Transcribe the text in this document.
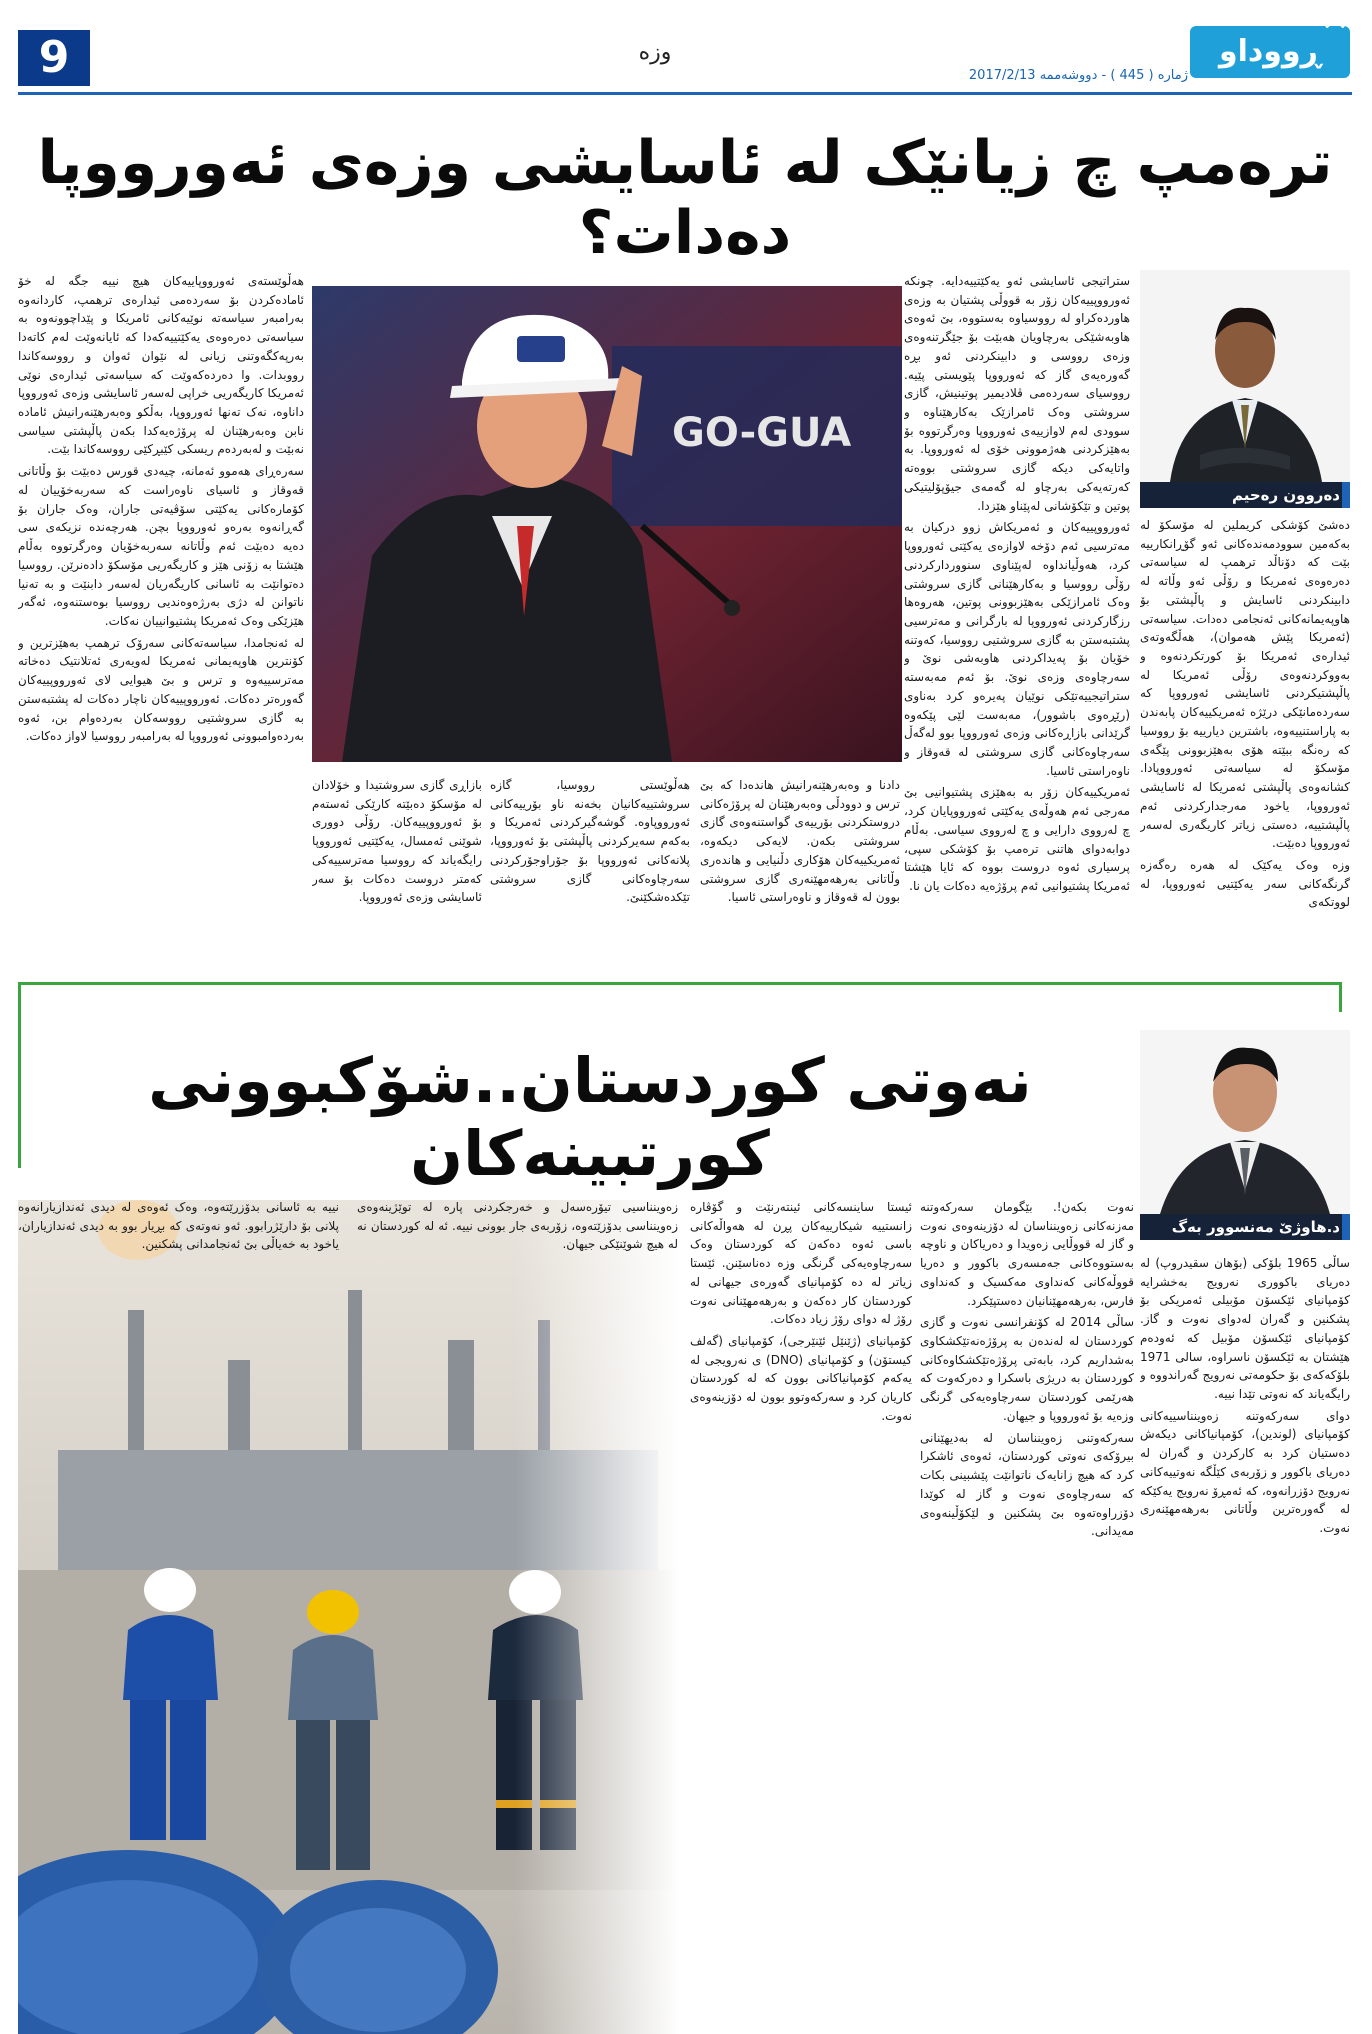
9	وزه	ڕووداو
ژماره ( 445 ) - دووشه‌ممه 2017/2/13
تره‌مپ چ زیانێک له‌ ئاسایشی وزه‌ی ئه‌ورووپا ده‌دات؟
ده‌روون ره‌حیم
GO-GUA

ستراتیجی ئاسایشی ئه‌و یه‌کێتییه‌دایه‌. چونکه‌ ئه‌ورووپییه‌کان زۆر به‌ قووڵی پشتیان به‌ وزه‌ی هاورده‌کراو له‌ رووسیاوه‌ به‌ستووه‌، بێ ئه‌وه‌ی هاوبه‌شێکی به‌رچاویان هه‌بێت بۆ جێگرتنه‌وه‌ی وزه‌ی رووسی و دابینکردنی ئه‌و بڕه‌ گه‌وره‌یه‌ی گاز که‌ ئه‌ورووپا پێویستی پێیه‌. رووسیای سه‌رده‌می ڤلادیمیر پوتینیش، گازی سروشتی وه‌ک ئامرازێک به‌کارهێناوه‌ و سوودی له‌م لاوازییه‌ی ئه‌ورووپا وه‌رگرتووه‌ بۆ به‌هێزکردنی هه‌ژموونی خۆی له‌ ئه‌ورووپا. به‌ واتایه‌کی دیکه‌ گازی سروشتی بووه‌ته‌ که‌رته‌یه‌کی به‌رچاو له‌ گه‌مه‌ی جیۆپۆلیتیکی پوتین و تێکۆشانی له‌پێناو هێزدا.

ئه‌ورووپییه‌کان و ئه‌مریکاش زوو درکیان به‌ مه‌ترسیی ئه‌م دۆخه‌ لاوازه‌ی یه‌کێتی ئه‌ورووپا کرد، هه‌وڵیانداوه‌ له‌پێناوی سنووردارکردنی رۆڵی رووسیا و به‌کارهێنانی گازی سروشتی وه‌ک ئامرازێکی به‌هێزبوونی پوتین، هه‌روه‌ها رزگارکردنی ئه‌ورووپا له‌ بارگرانی و مه‌ترسیی پشتبه‌ستن به‌ گازی سروشتیی رووسیا، که‌وتنه‌ خۆیان بۆ په‌یداکردنی هاوبه‌شی نوێ و سه‌رچاوه‌ی وزه‌ی نوێ. بۆ ئه‌م مه‌به‌سته‌ ستراتیجییه‌تێکی نوێیان په‌یره‌و کرد به‌ناوی (رێڕه‌وی باشوور)، مه‌به‌ست لێی پێکه‌وه‌ گرێدانی بازاڕه‌کانی وزه‌ی ئه‌ورووپا بوو له‌گه‌ڵ سه‌رچاوه‌کانی گازی سروشتی له‌ قه‌وقاز و ناوه‌راستی ئاسیا.

ئه‌مریکییه‌کان زۆر به‌ به‌هێزی پشتیوانیی بێ مه‌رجی ئه‌م هه‌وڵه‌ی یه‌کێتی ئه‌ورووپایان کرد، چ له‌رووی دارایی و چ له‌رووی سیاسی. به‌ڵام دوابه‌دوای هاتنی تره‌مپ بۆ کۆشکی سپی، پرسیاری ئه‌وه‌ دروست بووه‌ که‌ ئایا هێشتا ئه‌مریکا پشتیوانیی ئه‌م پرۆژه‌یه‌ ده‌کات یان نا.

ده‌شێ کۆشکی کریملین له‌ مۆسکۆ له‌ به‌که‌مین سوودمه‌نده‌کانی ئه‌و گۆڕانکارییه‌ بێت که‌ دۆناڵد ترهمپ له‌ سیاسه‌تی ده‌ره‌وه‌ی ئه‌مریکا و رۆڵی ئه‌و وڵاته‌ له‌ دابینکردنی ئاسایش و پاڵپشتی بۆ هاوپه‌یمانه‌کانی ئه‌نجامی ده‌دات. سیاسه‌تی (ئه‌مریکا پێش هه‌موان)، هه‌ڵگه‌وته‌ی ئیداره‌ی ئه‌مریکا بۆ کورتکردنه‌وه‌ و به‌ووکردنه‌وه‌ی رۆڵی ئه‌مریکا له‌ پاڵپشتیکردنی ئاسایشی ئه‌ورووپا که‌ سه‌رده‌مانێکی درێژه‌ ئه‌مریکییه‌کان پابه‌ندن به‌ پاراستنییه‌وه‌، باشترین دیارییه‌ بۆ رووسیا که‌ ره‌نگه‌ ببێته‌ هۆی به‌هێزبوونی پێگه‌ی مۆسکۆ له‌ سیاسه‌تی ئه‌ورووپادا. کشانه‌وه‌ی پاڵپشتی ئه‌مریکا له‌ ئاسایشی ئه‌ورووپا، یاخود مه‌رجدارکردنی ئه‌م پاڵپشتییه‌، ده‌ستی زیاتر کاریگه‌ری له‌سه‌ر ئه‌ورووپا ده‌بێت.

وزه‌ وه‌ک یه‌کێک له‌ هه‌ره‌ ره‌گه‌زه‌ گرنگه‌کانی سه‌ر یه‌کێتیی ئه‌ورووپا، له‌ لووتکه‌ی

هه‌ڵوێسته‌ی ئه‌ورووپاییه‌کان هیچ نییه‌ جگه‌ له‌ خۆ ئاماده‌کردن بۆ سه‌رده‌می ئیداره‌ی ترهمپ، کاردانه‌وه‌ به‌رامبه‌ر سیاسه‌ته‌ نوێیه‌کانی ئامریکا و پێداچوونه‌وه‌ به‌ سیاسه‌تی ده‌ره‌وه‌ی یه‌کێتییه‌که‌دا که‌ ئایانه‌وێت له‌م کاته‌دا به‌رپه‌کگه‌وتنی زیانی له‌ نێوان ئه‌وان و رووسه‌کاندا رووبدات. وا ده‌رده‌که‌وێت که‌ سیاسه‌تی ئیداره‌ی نوێی ئه‌مریکا کاریگه‌ریی خراپی له‌سه‌ر ئاسایشی وزه‌ی ئه‌ورووپا داناوه‌، نه‌ک ته‌نها ئه‌ورووپا، به‌ڵکو وه‌به‌رهێنه‌رانیش ئاماده‌ نابن وه‌به‌رهێنان له‌ پرۆژه‌یه‌کدا بکه‌ن پاڵپشتی سیاسی نه‌بێت و له‌به‌رده‌م ریسکی کێبڕکێی رووسه‌کاندا بێت.

سه‌ره‌ڕای هه‌موو ئه‌مانه‌، چیه‌دی قورس ده‌بێت بۆ وڵاتانی قه‌وقاز و ئاسیای ناوه‌راست که‌ سه‌ربه‌خۆییان له‌ کۆماره‌کانی یه‌کێتی سۆڤیه‌تی جاران، وه‌ک جاران بۆ گه‌ڕانه‌وه‌ به‌ره‌و ئه‌ورووپا بچن. هه‌رچه‌نده‌ نزیکه‌ی سی ده‌یه‌ ده‌بێت ئه‌م وڵاتانه‌ سه‌ربه‌خۆیان وه‌رگرتووه‌ به‌ڵام هێشتا به‌ زۆنی هێز و کاریگه‌ریی مۆسکۆ داده‌نرێن. رووسیا ده‌توانێت به‌ ئاسانی کاریگه‌ریان له‌سه‌ر دابنێت و به‌ ته‌نیا ناتوانن له‌ دژی به‌رژه‌وه‌ندیی رووسیا بوه‌ستنه‌وه‌، ئه‌گه‌ر هێزێکی وه‌ک ئه‌مریکا پشتیوانییان نه‌کات.

له‌ ئه‌نجامدا، سیاسه‌ته‌کانی سه‌رۆک ترهمپ به‌هێزترین و کۆنترین هاوپه‌یمانی ئه‌مریکا له‌ویه‌ری ئه‌تلانتیک ده‌خاته‌ مه‌ترسییه‌وه‌ و ترس و بێ هیوایی لای ئه‌ورووپییه‌کان گه‌وره‌تر ده‌کات. ئه‌ورووپییه‌کان ناچار ده‌کات له‌ پشتبه‌ستن به‌ گازی سروشتیی رووسه‌کان به‌رده‌وام بن، ئه‌وه‌ به‌رده‌وامبوونی ئه‌ورووپا له‌ به‌رامبه‌ر رووسیا لاواز ده‌کات.

دادنا و وه‌به‌رهێنه‌رانیش هانده‌دا که‌ بێ ترس و دوودڵی وه‌به‌رهێنان له‌ پرۆژه‌کانی دروستکردنی بۆرییه‌ی گواستنه‌وه‌ی گازی سروشتی بکه‌ن. لایه‌کی دیکه‌وه‌، ئه‌مریکییه‌کان هۆکاری دڵنیایی و هانده‌ری وڵاتانی به‌رهه‌مهێنه‌ری گازی سروشتی بوون له‌ قه‌وقاز و ناوه‌راستی ئاسیا.

هه‌ڵوێستی رووسیا، گازه‌ سروشتییه‌کانیان بخه‌نه‌ ناو بۆرییه‌کانی ئه‌ورووپاوه‌. گوشه‌گیرکردنی ئه‌مریکا و به‌که‌م سه‌یرکردنی پاڵپشتی بۆ ئه‌ورووپا، پلانه‌کانی ئه‌ورووپا بۆ جۆراوجۆرکردنی سه‌رچاوه‌کانی گازی سروشتی تێکده‌شکێنێ.

بازاڕی گازی سروشتیدا و خۆلادان له‌ مۆسکۆ ده‌بێته‌ کارێکی ئه‌سته‌م بۆ ئه‌ورووپییه‌کان. رۆڵی دووری شوێنی ئه‌مسال، یه‌کێتیی ئه‌ورووپا رایگه‌یاند که‌ رووسیا مه‌ترسییه‌کی که‌متر دروست ده‌کات بۆ سه‌ر ئاسایشی وزه‌ی ئه‌ورووپا.

نه‌وتی کوردستان..شۆکبوونی کورتبینه‌کان
د.هاوژێ مه‌نسوور به‌گ

نه‌وت بکه‌ن!. بێگومان سه‌رکه‌وتنه‌ مه‌زنه‌کانی زه‌وینناسان له‌ دۆزینه‌وه‌ی نه‌وت و گاز له‌ قووڵایی زه‌ویدا و ده‌ریاکان و ناوچه‌ به‌ستووه‌کانی جه‌مسه‌ری باکوور و ده‌ریا قووڵه‌کانی که‌نداوی مه‌کسیک و که‌نداوی فارس، به‌رهه‌مهێنانیان ده‌ستپێکرد.

ساڵی 2014 له‌ کۆنفرانسی نه‌وت و گازی کوردستان له‌ له‌نده‌ن به‌ پرۆژه‌نه‌تێکشکاوی به‌شداریم کرد، بابه‌تی پرۆژه‌تێکشکاوه‌کانی کوردستان به‌ دریژی باسکرا و ده‌رکه‌وت که‌ هه‌رێمی کوردستان سه‌رچاوه‌یه‌کی گرنگی وزه‌یه‌ بۆ ئه‌ورووپا و جیهان.

سه‌رکه‌وتنی زه‌وینناسان له‌ به‌دیهێنانی بیرۆکه‌ی نه‌وتی کوردستان، ئه‌وه‌ی ئاشکرا کرد که‌ هیچ زانایه‌ک ناتوانێت پێشبینی بکات که‌ سه‌رچاوه‌ی نه‌وت و گاز له‌ کوێدا دۆزراوه‌ته‌وه‌ بێ پشکنین و لێکۆڵینه‌وه‌ی مه‌یدانی.

ساڵی 1965 بلۆکی (بۆهان سقیدروپ) له‌ ده‌ریای باکووری نه‌رویج به‌خشرایه‌ کۆمپانیای ئێکسۆن مۆبیلی ئه‌مریکی بۆ پشکنین و گه‌ران له‌دوای نه‌وت و گاز. کۆمپانیای ئێکسۆن مۆبیل که‌ ئه‌وده‌م هێشتان به‌ ئێکسۆن ناسراوه‌، سالی 1971 بلۆکه‌که‌ی بۆ حکومه‌تی نه‌رویج گه‌راندووه‌ و رایگه‌یاند که‌ نه‌وتی تێدا نییه‌.

دوای سه‌رکه‌وتنه‌ زه‌وینناسییه‌کانی کۆمپانیای (لوندین)، کۆمپانیاکانی دیکه‌ش ده‌ستیان کرد به‌ کارکردن و گه‌ران له‌ ده‌ریای باکوور و زۆربه‌ی کێڵگه‌ نه‌وتییه‌کانی نه‌رویج دۆزرانه‌وه‌، که‌ ئه‌مڕۆ نه‌رویج یه‌کێکه‌ له‌ گه‌وره‌ترین وڵاتانی به‌رهه‌مهێنه‌ری نه‌وت.

ئیستا ساینسه‌کانی ئینته‌رنێت و گۆڤاره‌ زانستییه‌ شیکارییه‌کان پڕن له‌ هه‌واڵه‌کانی باسی ئه‌وه‌ ده‌که‌ن که‌ کوردستان وه‌ک سه‌رچاوه‌یه‌کی گرنگی وزه‌ ده‌ناسێنن. ئێستا زیاتر له‌ ده‌ کۆمپانیای گه‌وره‌ی جیهانی له‌ کوردستان کار ده‌که‌ن و به‌رهه‌مهێنانی نه‌وت رۆژ له‌ دوای رۆژ زیاد ده‌کات.

کۆمپانیای (ژێنێل ئێنێرجی)، کۆمپانیای (گه‌لف کیستۆن) و کۆمپانیای (DNO) ی نه‌رویجی له‌ یه‌که‌م کۆمپانیاکانی بوون که‌ له‌ کوردستان کاریان کرد و سه‌رکه‌وتوو بوون له‌ دۆزینه‌وه‌ی نه‌وت.

زه‌وینناسیی تیۆره‌سه‌ل و خه‌رجکردنی پاره‌ له‌ توێژینه‌وه‌ی زه‌وینناسی بدۆزێته‌وه‌، زۆربه‌ی جار بوونی نییه‌. ئه‌ له‌ کوردستان نه‌ له‌ هیچ شوێنێکی جیهان.

نییه‌ به‌ ئاسانی بدۆزرێته‌وه‌، وه‌ک ئه‌وه‌ی له‌ دیدی ئه‌ندازیارانه‌وه‌ پلانی بۆ دارێژرابوو. ئه‌و نه‌وته‌ی که‌ بڕیار بوو به‌ دیدی ئه‌ندازیاران، یاخود به‌ خه‌یاڵی بێ ئه‌نجامدانی پشکنین.
